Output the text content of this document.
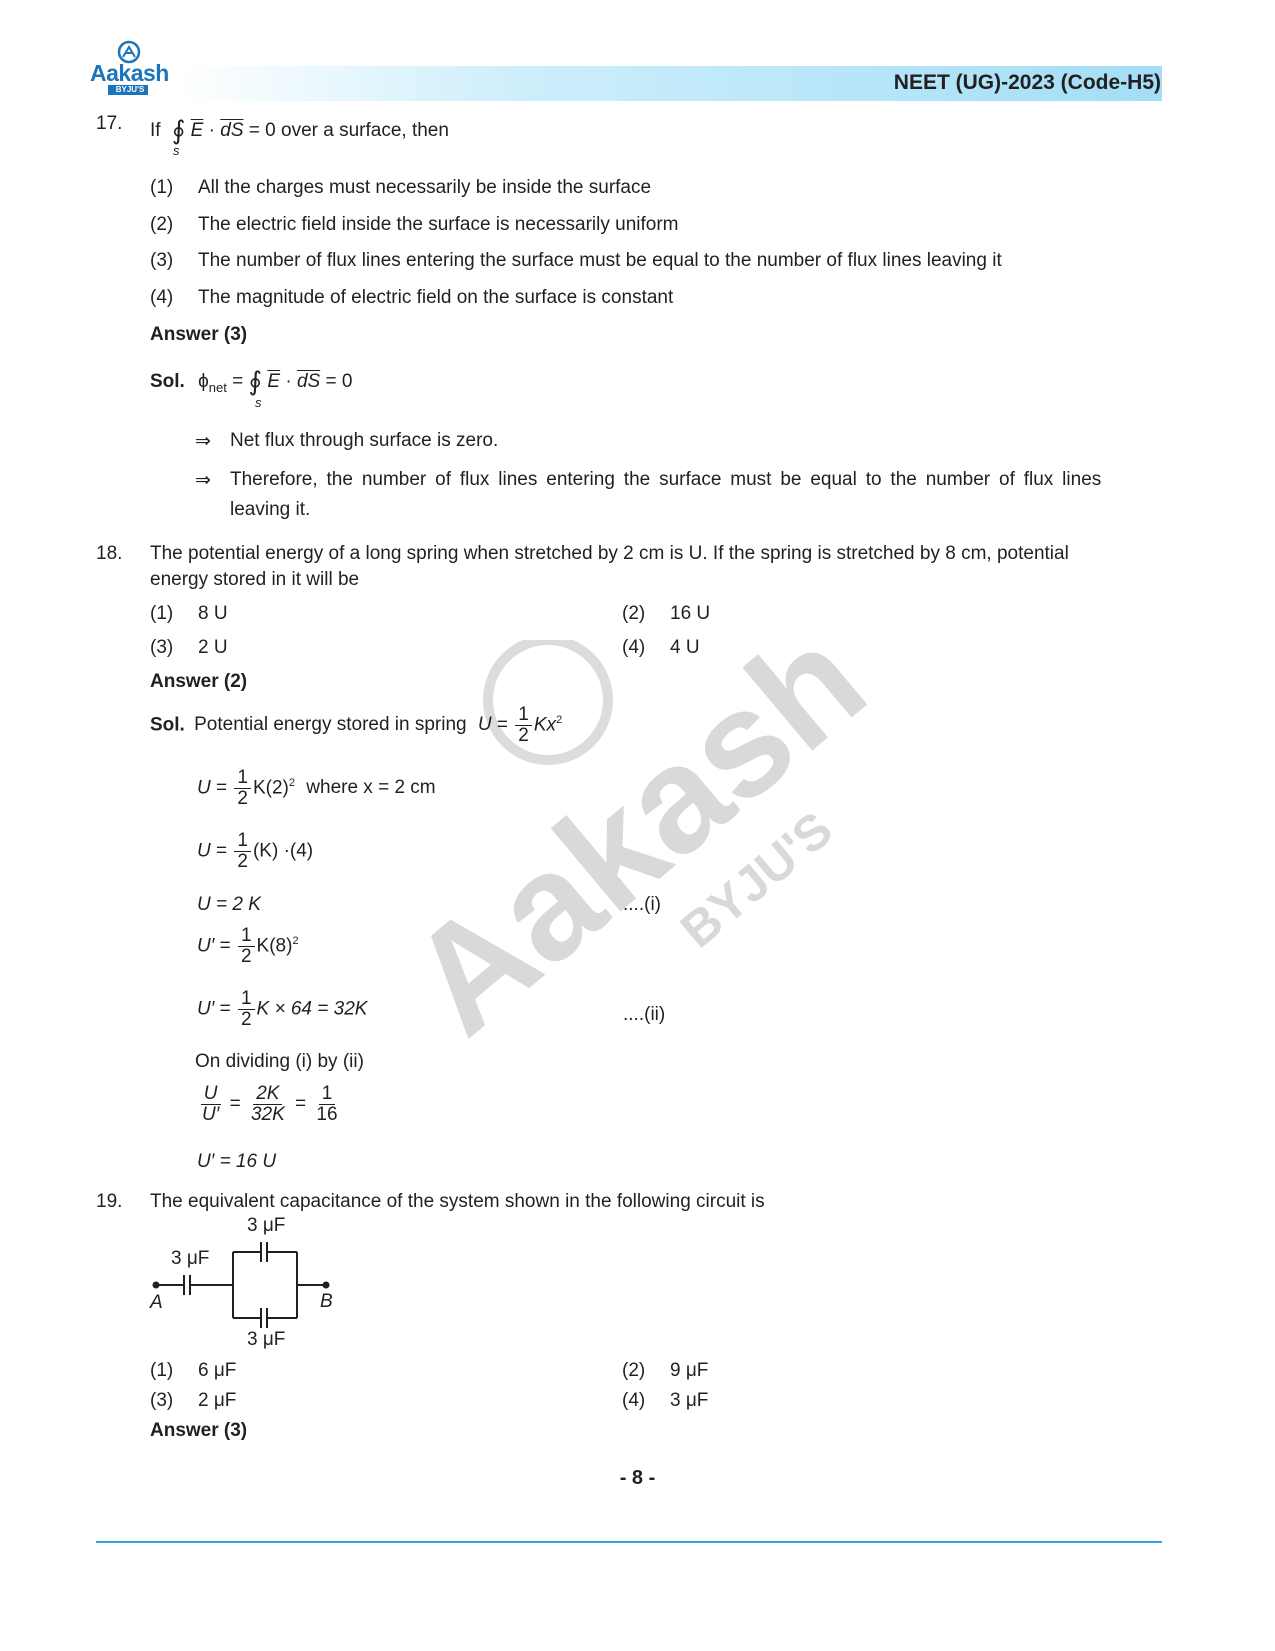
Aakash
BYJU'S	NEET (UG)-2023 (Code-H5)
Aakash
BYJU'S
17. If ∮ $\overline{E} \cdot \overline{dS} = 0$ over a surface, then
s
(1) All the charges must necessarily be inside the surface
(2) The electric field inside the surface is necessarily uniform
(3) The number of flux lines entering the surface must be equal to the number of flux lines leaving it
(4) The magnitude of electric field on the surface is constant
Answer (3)
Sol. $\phi_{net}$ = ∮ $\overline{E} \cdot \overline{dS} = 0$
s
⇒ Net flux through surface is zero.
⇒ Therefore, the number of flux lines entering the surface must be equal to the number of flux lines
leaving it.
18. The potential energy of a long spring when stretched by 2 cm is U. If the spring is stretched by 8 cm, potential
energy stored in it will be
(1) 8 U	(2) 16 U
(3) 2 U	(4) 4 U
Answer (2)
Sol. Potential energy stored in spring $U = \frac{1}{2} Kx^2$
$U = \frac{1}{2} K(2)^2$ where x = 2 cm
$U = \frac{1}{2} (K) \cdot(4)$
U = 2 K	....(i)
$U' = \frac{1}{2} K(8)^2$
$U' = \frac{1}{2}$ K × 64 = 32K	....(ii)
On dividing (i) by (ii)
$\frac{U}{U'} = \frac{2K}{32K} = \frac{1}{16}$
U′ = 16 U
19. The equivalent capacitance of the system shown in the following circuit is
3 μF
3 μF
3 μF
A	B
(1) 6 μF	(2) 9 μF
(3) 2 μF	(4) 3 μF
Answer (3)
- 8 -
